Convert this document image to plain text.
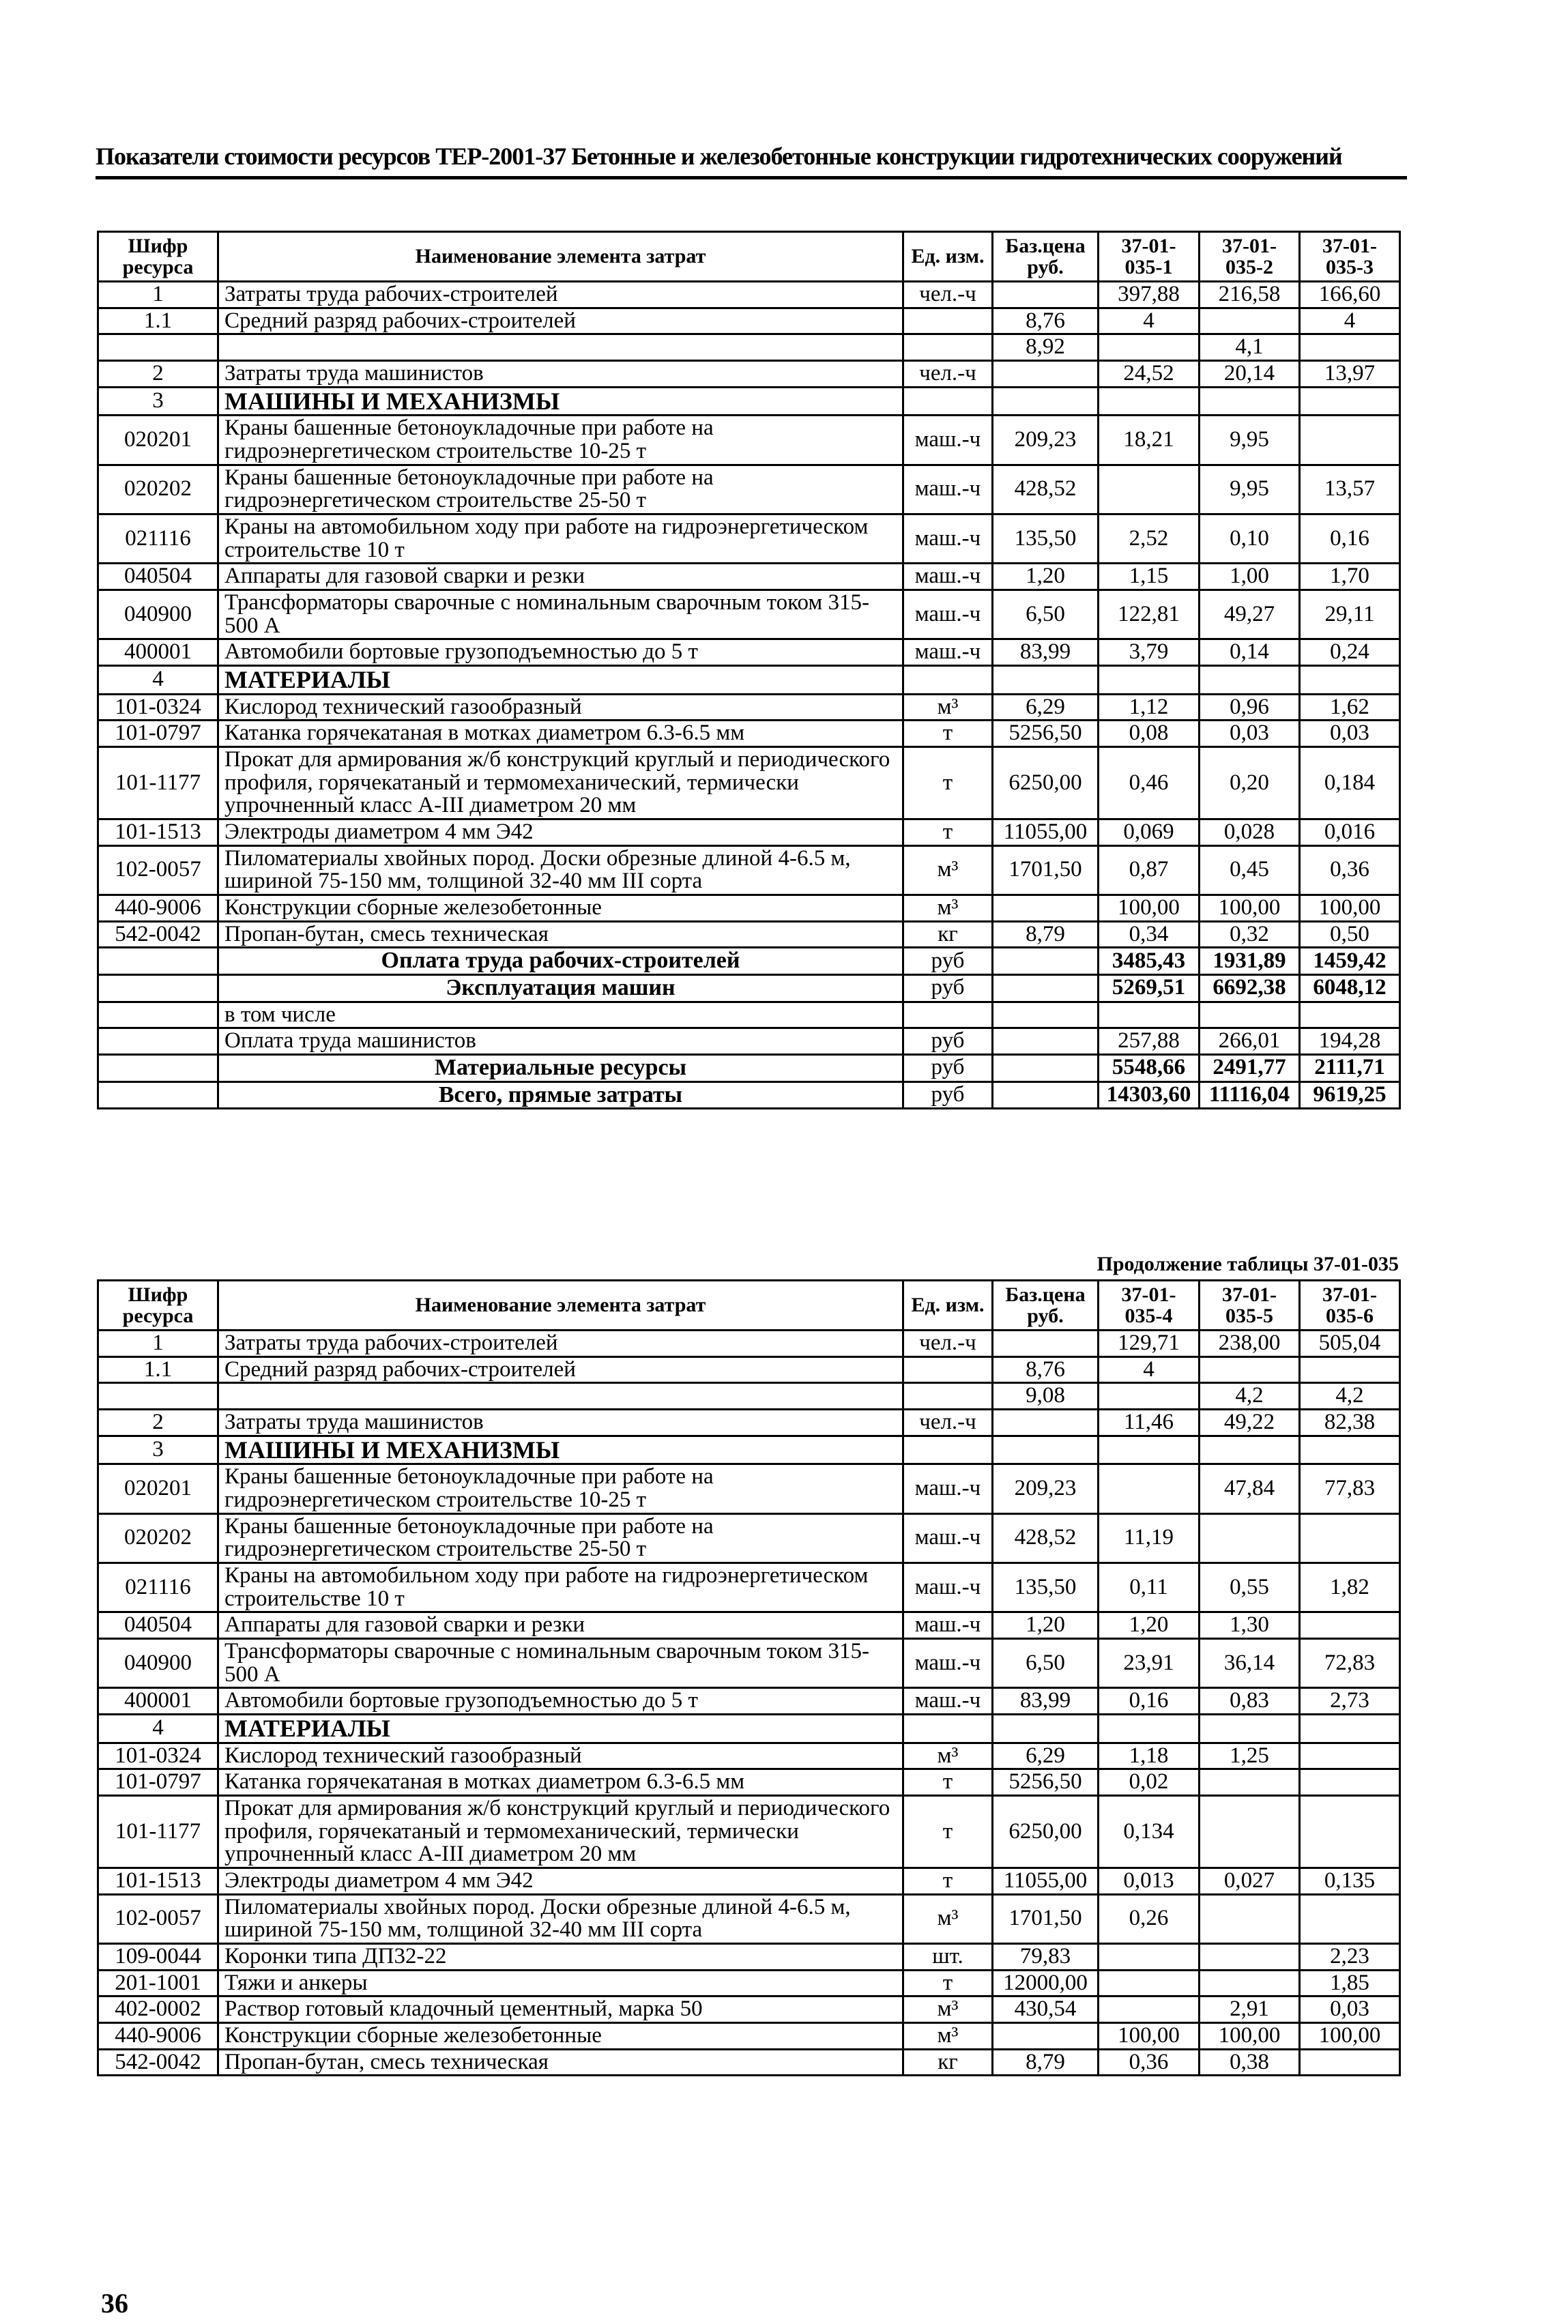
Показатели стоимости ресурсов ТЕР-2001-37 Бетонные и железобетонные конструкции гидротехнических сооружений
Шифр ресурса	Наименование элемента затрат	Ед. изм.	Баз.цена руб.	37-01-035-1	37-01-035-2	37-01-035-3
1	Затраты труда рабочих-строителей	чел.-ч		397,88	216,58	166,60
1.1	Средний разряд рабочих-строителей		8,76	4		4
			8,92		4,1	
2	Затраты труда машинистов	чел.-ч		24,52	20,14	13,97
3	МАШИНЫ И МЕХАНИЗМЫ					
020201	Краны башенные бетоноукладочные при работе на гидроэнергетическом строительстве 10-25 т	маш.-ч	209,23	18,21	9,95	
020202	Краны башенные бетоноукладочные при работе на гидроэнергетическом строительстве 25-50 т	маш.-ч	428,52		9,95	13,57
021116	Краны на автомобильном ходу при работе на гидроэнергетическом строительстве 10 т	маш.-ч	135,50	2,52	0,10	0,16
040504	Аппараты для газовой сварки и резки	маш.-ч	1,20	1,15	1,00	1,70
040900	Трансформаторы сварочные с номинальным сварочным током 315-500 А	маш.-ч	6,50	122,81	49,27	29,11
400001	Автомобили бортовые грузоподъемностью до 5 т	маш.-ч	83,99	3,79	0,14	0,24
4	МАТЕРИАЛЫ					
101-0324	Кислород технический газообразный	м³	6,29	1,12	0,96	1,62
101-0797	Катанка горячекатаная в мотках диаметром 6.3-6.5 мм	т	5256,50	0,08	0,03	0,03
101-1177	Прокат для армирования ж/б конструкций круглый и периодического профиля, горячекатаный и термомеханический, термически упрочненный класс А-III диаметром 20 мм	т	6250,00	0,46	0,20	0,184
101-1513	Электроды диаметром 4 мм Э42	т	11055,00	0,069	0,028	0,016
102-0057	Пиломатериалы хвойных пород. Доски обрезные длиной 4-6.5 м, шириной 75-150 мм, толщиной 32-40 мм III сорта	м³	1701,50	0,87	0,45	0,36
440-9006	Конструкции сборные железобетонные	м³		100,00	100,00	100,00
542-0042	Пропан-бутан, смесь техническая	кг	8,79	0,34	0,32	0,50
	Оплата труда рабочих-строителей	руб		3485,43	1931,89	1459,42
	Эксплуатация машин	руб		5269,51	6692,38	6048,12
	в том числе					
	Оплата труда машинистов	руб		257,88	266,01	194,28
	Материальные ресурсы	руб		5548,66	2491,77	2111,71
	Всего, прямые затраты	руб		14303,60	11116,04	9619,25
Продолжение таблицы 37-01-035
Шифр ресурса	Наименование элемента затрат	Ед. изм.	Баз.цена руб.	37-01-035-4	37-01-035-5	37-01-035-6
1	Затраты труда рабочих-строителей	чел.-ч		129,71	238,00	505,04
1.1	Средний разряд рабочих-строителей		8,76	4		
			9,08		4,2	4,2
2	Затраты труда машинистов	чел.-ч		11,46	49,22	82,38
3	МАШИНЫ И МЕХАНИЗМЫ					
020201	Краны башенные бетоноукладочные при работе на гидроэнергетическом строительстве 10-25 т	маш.-ч	209,23		47,84	77,83
020202	Краны башенные бетоноукладочные при работе на гидроэнергетическом строительстве 25-50 т	маш.-ч	428,52	11,19		
021116	Краны на автомобильном ходу при работе на гидроэнергетическом строительстве 10 т	маш.-ч	135,50	0,11	0,55	1,82
040504	Аппараты для газовой сварки и резки	маш.-ч	1,20	1,20	1,30	
040900	Трансформаторы сварочные с номинальным сварочным током 315-500 А	маш.-ч	6,50	23,91	36,14	72,83
400001	Автомобили бортовые грузоподъемностью до 5 т	маш.-ч	83,99	0,16	0,83	2,73
4	МАТЕРИАЛЫ					
101-0324	Кислород технический газообразный	м³	6,29	1,18	1,25	
101-0797	Катанка горячекатаная в мотках диаметром 6.3-6.5 мм	т	5256,50	0,02		
101-1177	Прокат для армирования ж/б конструкций круглый и периодического профиля, горячекатаный и термомеханический, термически упрочненный класс А-III диаметром 20 мм	т	6250,00	0,134		
101-1513	Электроды диаметром 4 мм Э42	т	11055,00	0,013	0,027	0,135
102-0057	Пиломатериалы хвойных пород. Доски обрезные длиной 4-6.5 м, шириной 75-150 мм, толщиной 32-40 мм III сорта	м³	1701,50	0,26		
109-0044	Коронки типа ДП32-22	шт.	79,83			2,23
201-1001	Тяжи и анкеры	т	12000,00			1,85
402-0002	Раствор готовый кладочный цементный, марка 50	м³	430,54		2,91	0,03
440-9006	Конструкции сборные железобетонные	м³		100,00	100,00	100,00
542-0042	Пропан-бутан, смесь техническая	кг	8,79	0,36	0,38	
36
